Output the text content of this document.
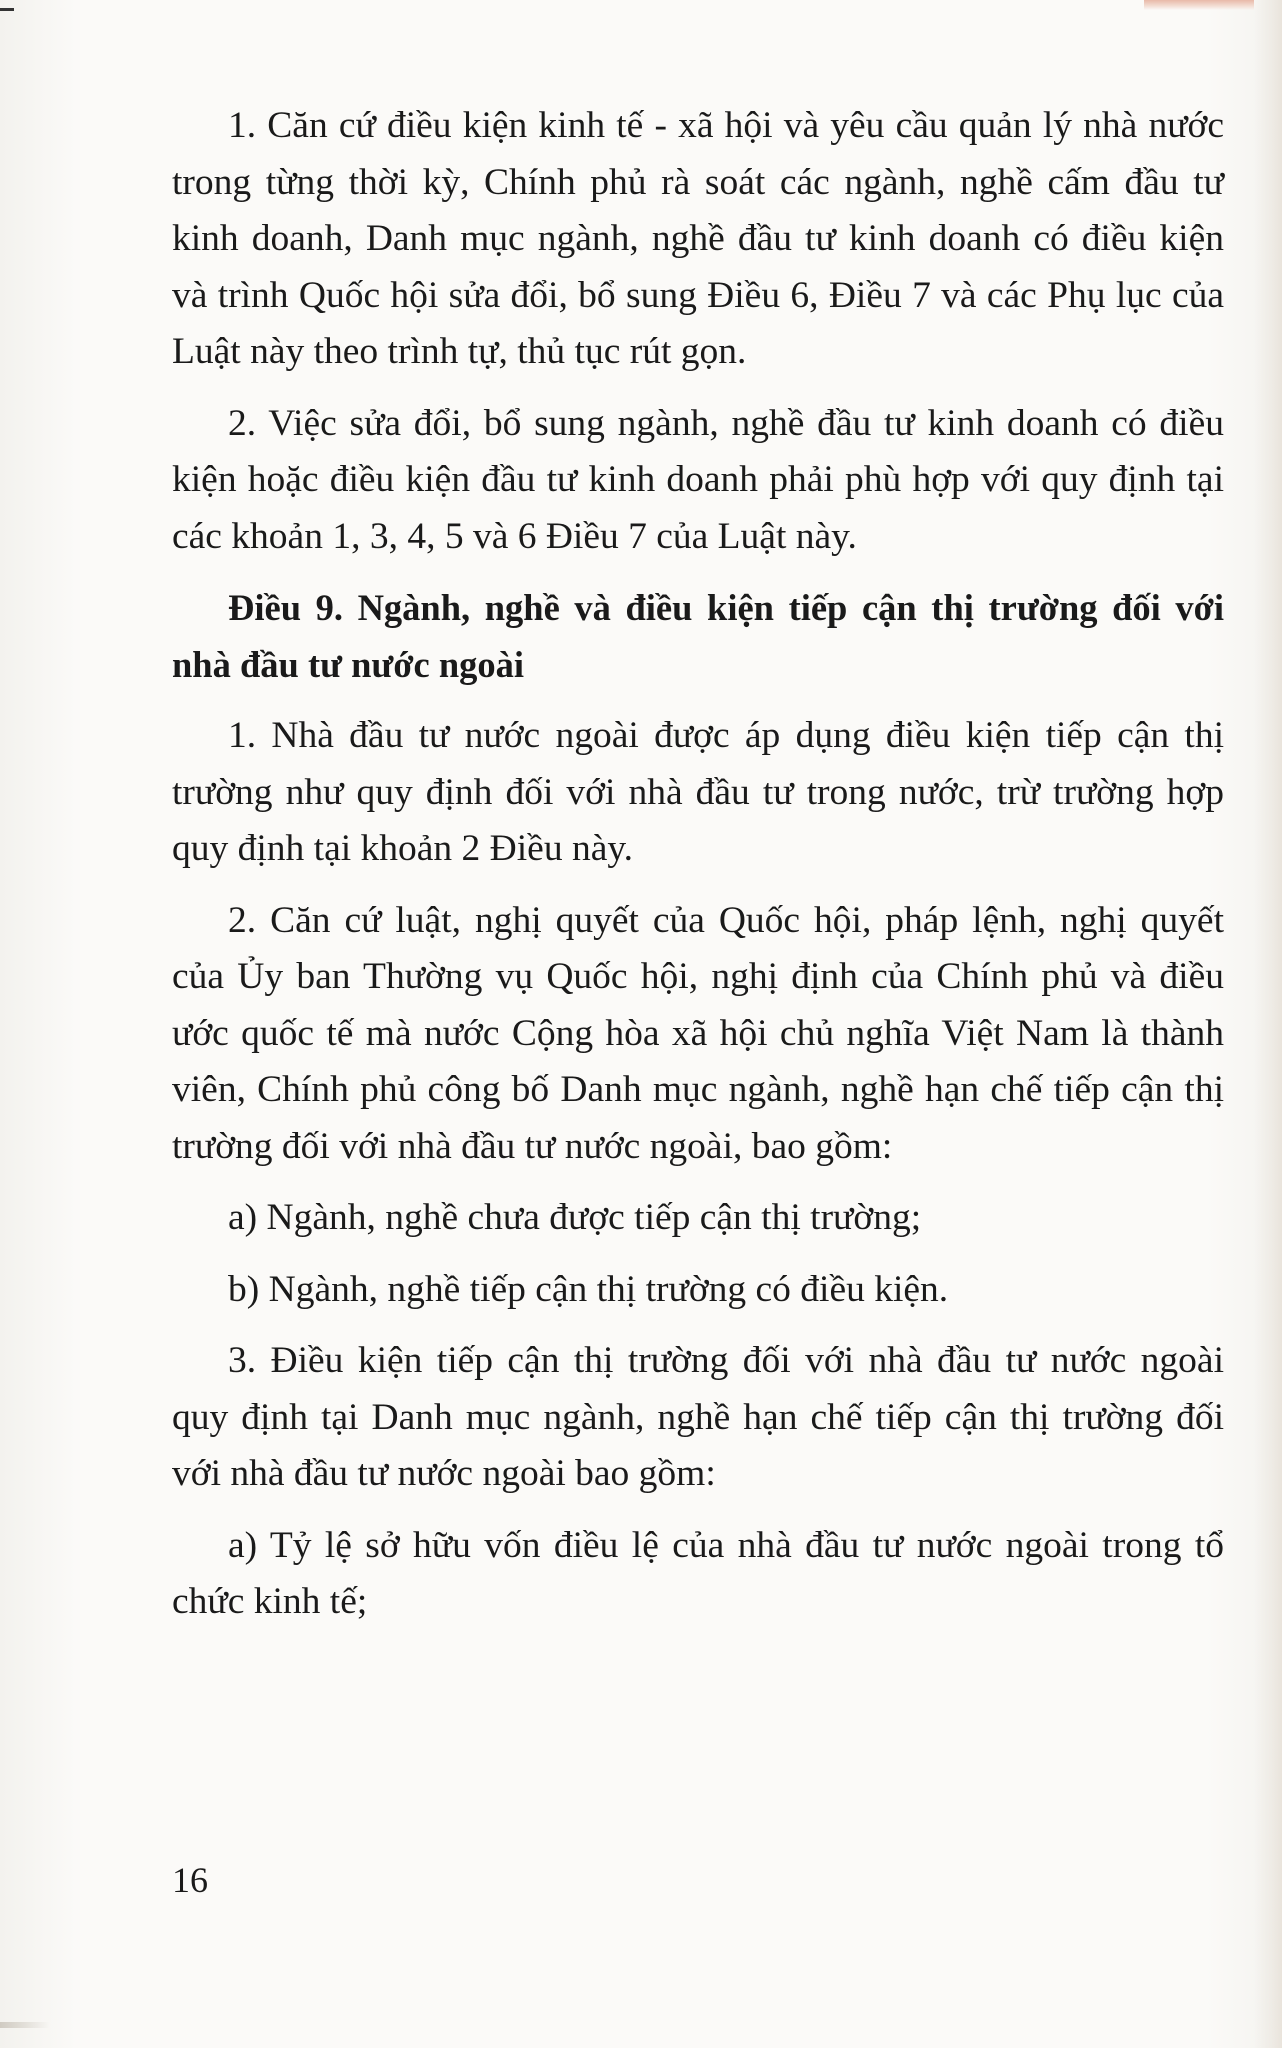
1. Căn cứ điều kiện kinh tế - xã hội và yêu cầu quản lý nhà nước trong từng thời kỳ, Chính phủ rà soát các ngành, nghề cấm đầu tư kinh doanh, Danh mục ngành, nghề đầu tư kinh doanh có điều kiện và trình Quốc hội sửa đổi, bổ sung Điều 6, Điều 7 và các Phụ lục của Luật này theo trình tự, thủ tục rút gọn.

2. Việc sửa đổi, bổ sung ngành, nghề đầu tư kinh doanh có điều kiện hoặc điều kiện đầu tư kinh doanh phải phù hợp với quy định tại các khoản 1, 3, 4, 5 và 6 Điều 7 của Luật này.

Điều 9. Ngành, nghề và điều kiện tiếp cận thị trường đối với nhà đầu tư nước ngoài

1. Nhà đầu tư nước ngoài được áp dụng điều kiện tiếp cận thị trường như quy định đối với nhà đầu tư trong nước, trừ trường hợp quy định tại khoản 2 Điều này.

2. Căn cứ luật, nghị quyết của Quốc hội, pháp lệnh, nghị quyết của Ủy ban Thường vụ Quốc hội, nghị định của Chính phủ và điều ước quốc tế mà nước Cộng hòa xã hội chủ nghĩa Việt Nam là thành viên, Chính phủ công bố Danh mục ngành, nghề hạn chế tiếp cận thị trường đối với nhà đầu tư nước ngoài, bao gồm:

a) Ngành, nghề chưa được tiếp cận thị trường;

b) Ngành, nghề tiếp cận thị trường có điều kiện.

3. Điều kiện tiếp cận thị trường đối với nhà đầu tư nước ngoài quy định tại Danh mục ngành, nghề hạn chế tiếp cận thị trường đối với nhà đầu tư nước ngoài bao gồm:

a) Tỷ lệ sở hữu vốn điều lệ của nhà đầu tư nước ngoài trong tổ chức kinh tế;

16
